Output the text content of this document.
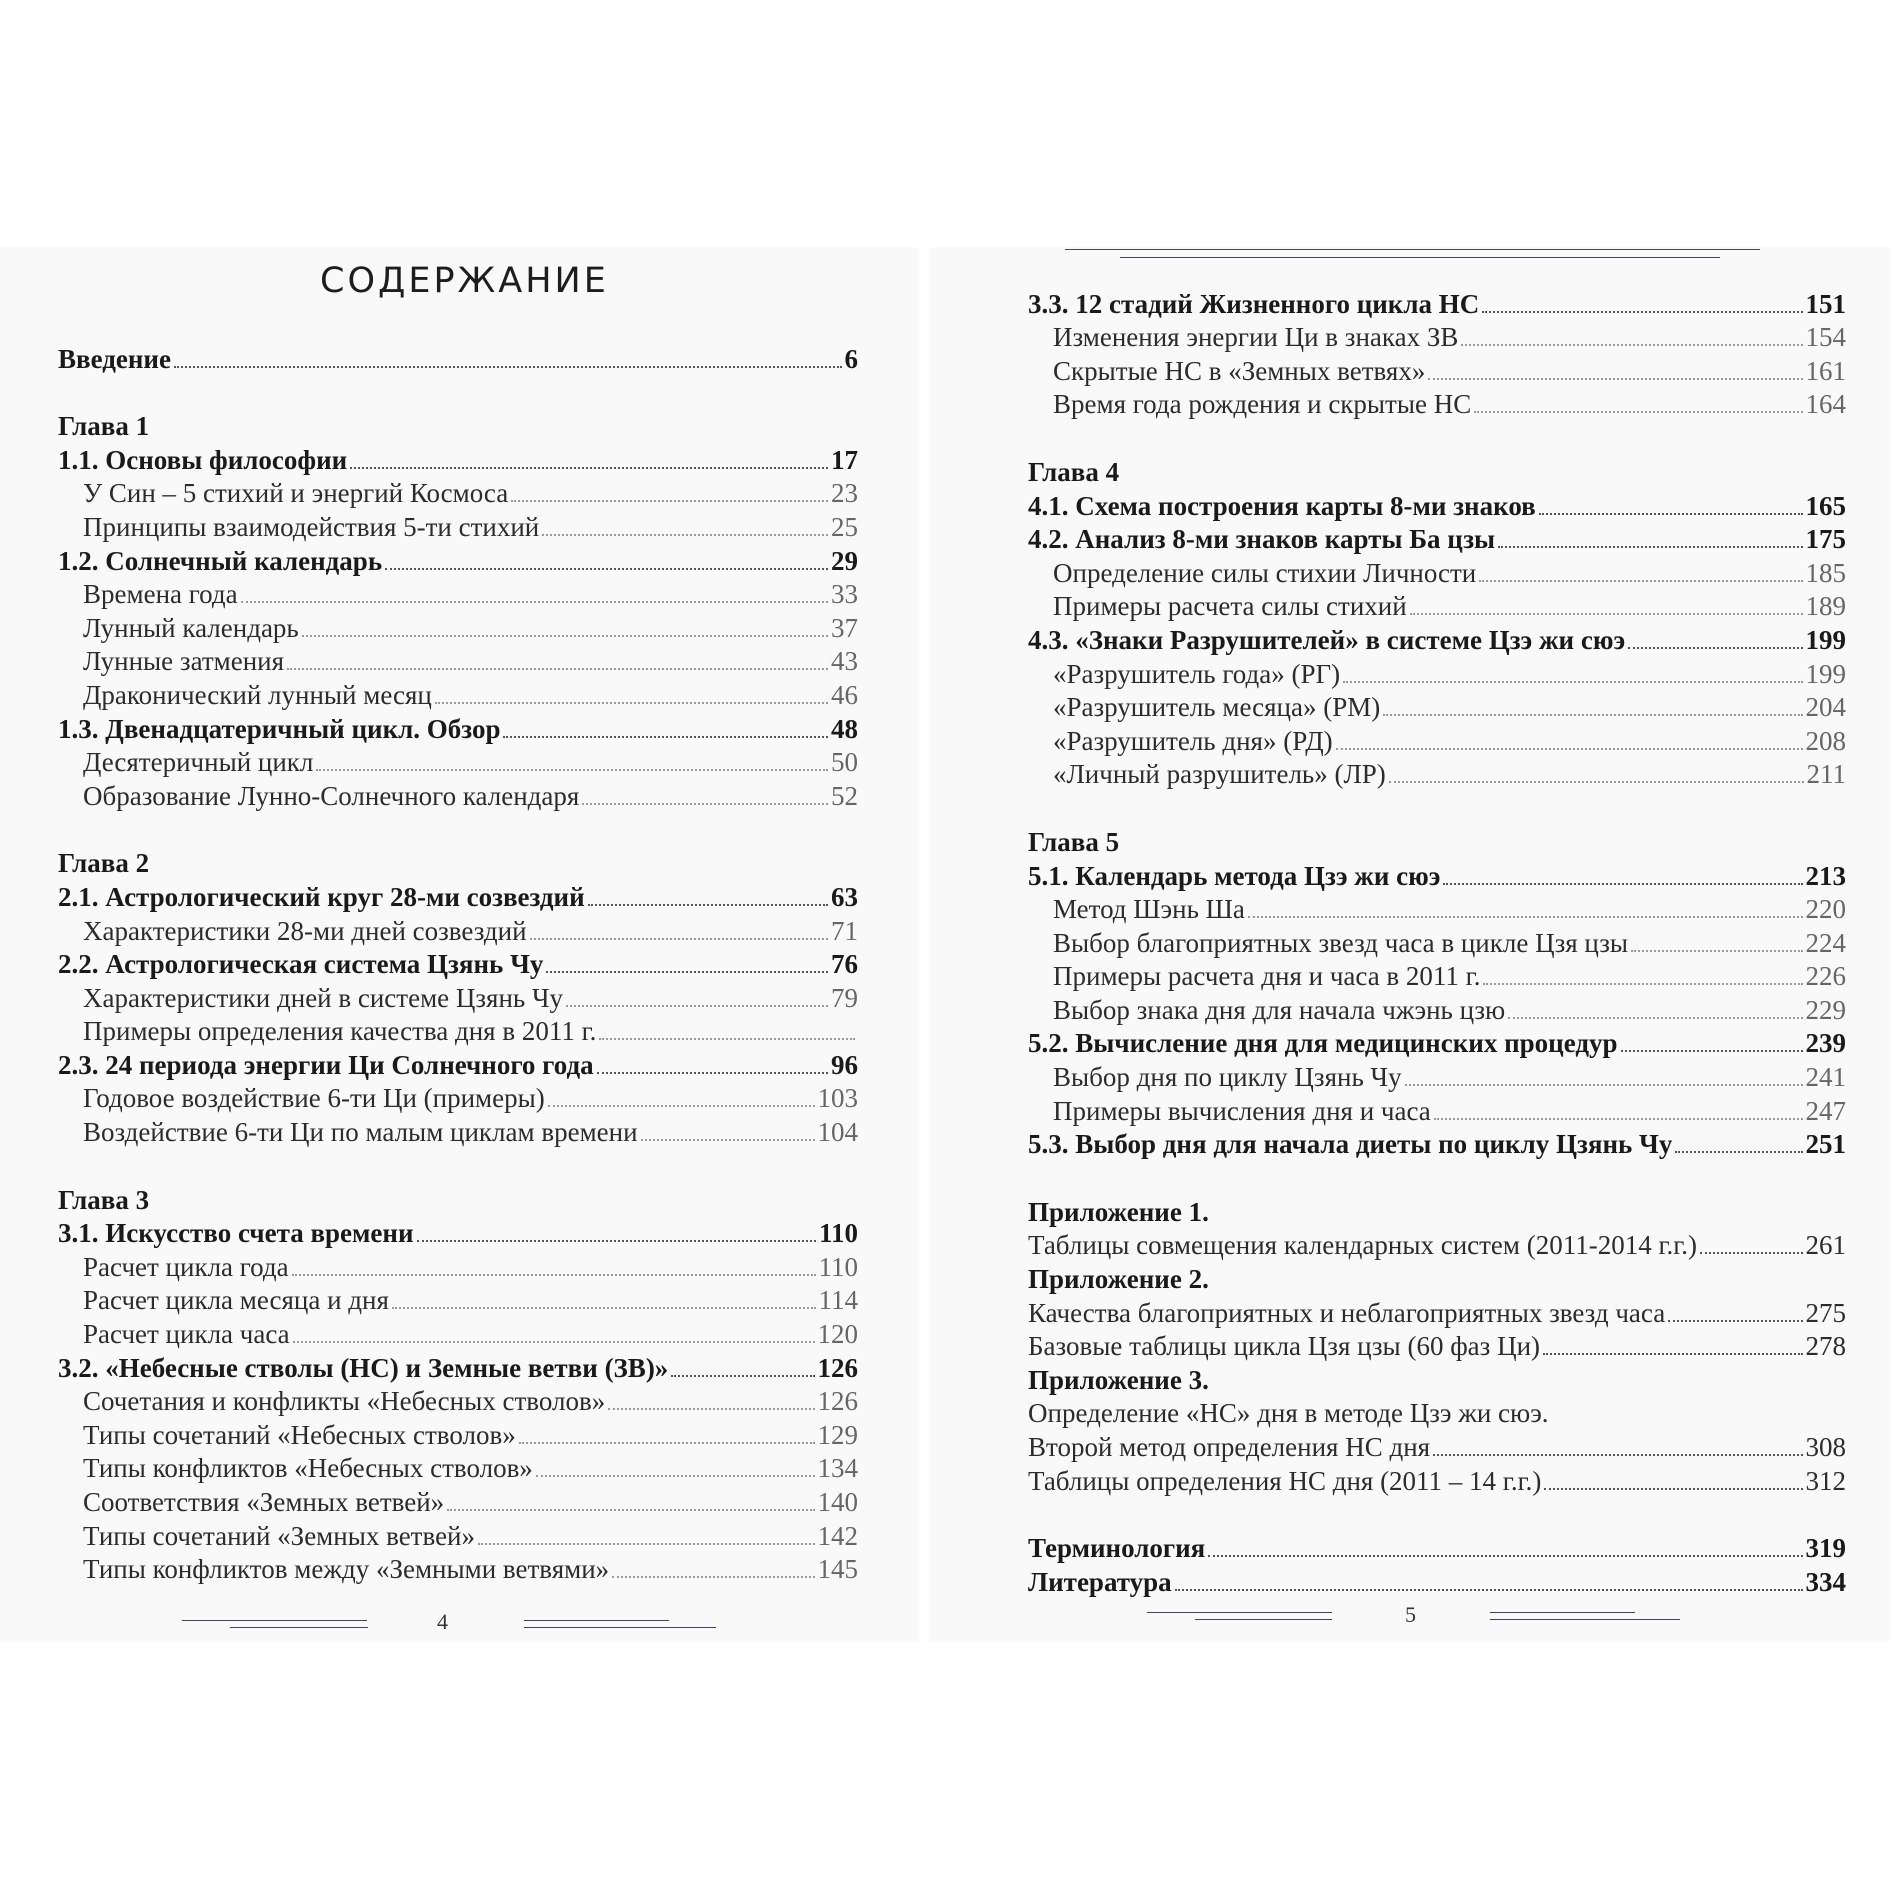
СОДЕРЖАНИЕ
Введение	6
Глава 1
1.1. Основы философии	17
У Син – 5 стихий и энергий Космоса	23
Принципы взаимодействия 5-ти стихий	25
1.2. Солнечный календарь	29
Времена года	33
Лунный календарь	37
Лунные затмения	43
Драконический лунный месяц	46
1.3. Двенадцатеричный цикл. Обзор	48
Десятеричный цикл	50
Образование Лунно-Солнечного календаря	52
Глава 2
2.1. Астрологический круг 28-ми созвездий	63
Характеристики 28-ми дней созвездий	71
2.2. Астрологическая система Цзянь Чу	76
Характеристики дней в системе Цзянь Чу	79
Примеры определения качества дня в 2011 г.
2.3. 24 периода энергии Ци Солнечного года	96
Годовое воздействие 6-ти Ци (примеры)	103
Воздействие 6-ти Ци по малым циклам времени	104
Глава 3
3.1. Искусство счета времени	110
Расчет цикла года	110
Расчет цикла месяца и дня	114
Расчет цикла часа	120
3.2. «Небесные стволы (НС) и Земные ветви (ЗВ)»	126
Сочетания и конфликты «Небесных стволов»	126
Типы сочетаний «Небесных стволов»	129
Типы конфликтов «Небесных стволов»	134
Соответствия «Земных ветвей»	140
Типы сочетаний «Земных ветвей»	142
Типы конфликтов между «Земными ветвями»	145
4
3.3. 12 стадий Жизненного цикла НС	151
Изменения энергии Ци в знаках ЗВ	154
Скрытые НС в «Земных ветвях»	161
Время года рождения и скрытые НС	164
Глава 4
4.1. Схема построения карты 8-ми знаков	165
4.2. Анализ 8-ми знаков карты Ба цзы	175
Определение силы стихии Личности	185
Примеры расчета силы стихий	189
4.3. «Знаки Разрушителей» в системе Цзэ жи сюэ	199
«Разрушитель года» (РГ)	199
«Разрушитель месяца» (РМ)	204
«Разрушитель дня» (РД)	208
«Личный разрушитель» (ЛР)	211
Глава 5
5.1. Календарь метода Цзэ жи сюэ	213
Метод Шэнь Ша	220
Выбор благоприятных звезд часа в цикле Цзя цзы	224
Примеры расчета дня и часа в 2011 г.	226
Выбор знака дня для начала чжэнь цзю	229
5.2. Вычисление дня для медицинских процедур	239
Выбор дня по циклу Цзянь Чу	241
Примеры вычисления дня и часа	247
5.3. Выбор дня для начала диеты по циклу Цзянь Чу	251
Приложение 1.
Таблицы совмещения календарных систем (2011-2014 г.г.)	261
Приложение 2.
Качества благоприятных и неблагоприятных звезд часа	275
Базовые таблицы цикла Цзя цзы (60 фаз Ци)	278
Приложение 3.
Определение «НС» дня в методе Цзэ жи сюэ.
Второй метод определения НС дня	308
Таблицы определения НС дня (2011 – 14 г.г.)	312
Терминология	319
Литература	334
5
